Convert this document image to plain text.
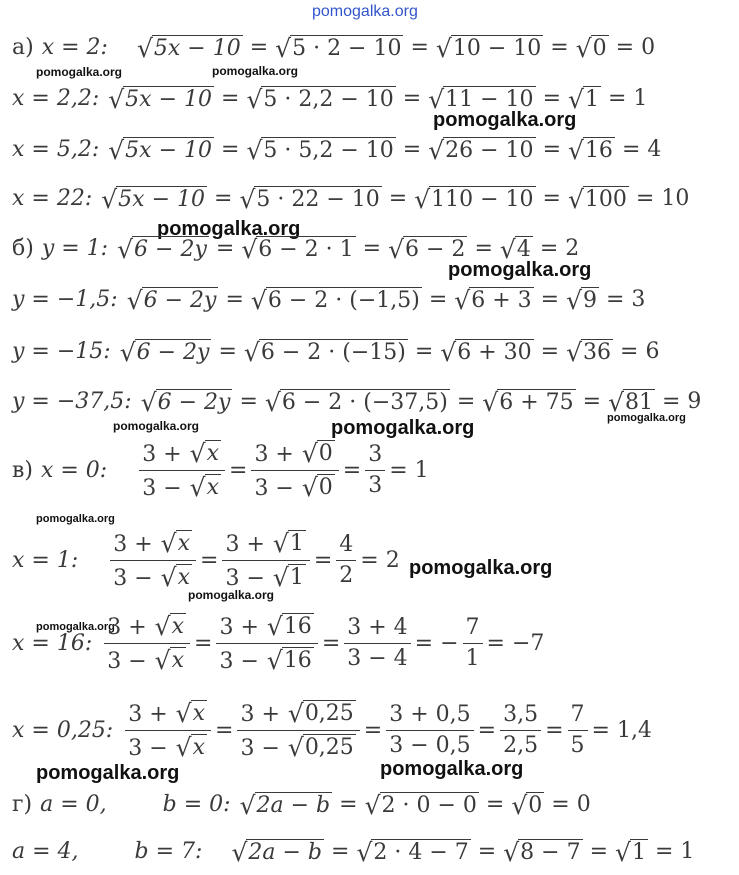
pomogalka.org
а) x = 2: √ 5x − 10 = √ 5 · 2 − 10 = √ 10 − 10 = √ 0 = 0
pomogalka.org	pomogalka.org
x = 2,2: √ 5x − 10 = √ 5 · 2,2 − 10 = √ 11 − 10 = √ 1 = 1
pomogalka.org
x = 5,2: √ 5x − 10 = √ 5 · 5,2 − 10 = √ 26 − 10 = √ 16 = 4
x = 22: √ 5x − 10 = √ 5 · 22 − 10 = √ 110 − 10 = √ 100 = 10
pomogalka.org
б) y = 1: √ 6 − 2y = √ 6 − 2 · 1 = √ 6 − 2 = √ 4 = 2
pomogalka.org
y = −1,5: √ 6 − 2y = √ 6 − 2 · (−1,5) = √ 6 + 3 = √ 9 = 3
y = −15: √ 6 − 2y = √ 6 − 2 · (−15) = √ 6 + 30 = √ 36 = 6
y = −37,5: √ 6 − 2y = √ 6 − 2 · (−37,5) = √ 6 + 75 = √ 81 = 9
pomogalka.org	pomogalka.org	pomogalka.org
в) x = 0: $\frac{3 + √ x}{3 - √ x} = \frac{3 + √ 0}{3 - √ 0} = \frac{3}{3} = 1$
pomogalka.org
x = 1: $\frac{3 + √ x}{3 - √ x} = \frac{3 + √ 1}{3 - √ 1} = \frac{4}{2} = 2$ pomogalka.org
pomogalka.org
pomogalka.org
x = 16: $\frac{3 + √ x}{3 - √ x} = \frac{3 + √ 16}{3 - √ 16} = \frac{3 + 4}{3 - 4}$ = − $\frac{7}{1} = -7$
x = 0,25: $\frac{3 + √ x}{3 - √ x} = \frac{3 + √ 0,25}{3 - √ 0,25} = \frac{3 + 0,5}{3 - 0,5} = \frac{3,5}{2,5} = \frac{7}{5} = 1,4$
pomogalka.org	pomogalka.org
г) a = 0,	b = 0: √ 2a − b = √ 2 · 0 − 0 = √ 0 = 0
a = 4,	b = 7: √ 2a − b = √ 2 · 4 − 7 = √ 8 − 7 = √ 1 = 1
